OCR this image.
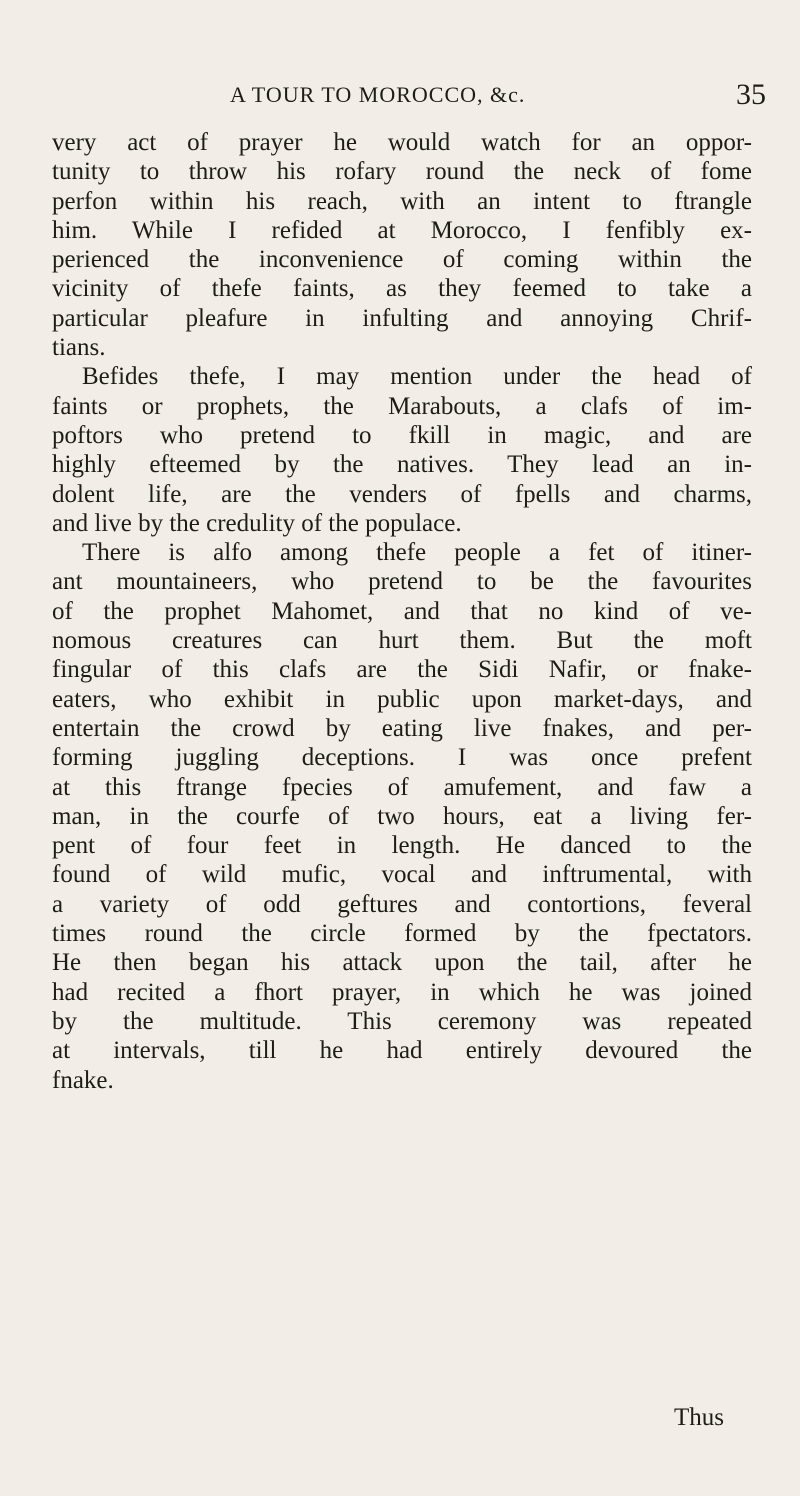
A TOUR TO MOROCCO, &c.	35
very act of prayer he would watch for an oppor-
tunity to throw his rofary round the neck of fome
perfon within his reach, with an intent to ftrangle
him. While I refided at Morocco, I fenfibly ex-
perienced the inconvenience of coming within the
vicinity of thefe faints, as they feemed to take a
particular pleafure in infulting and annoying Chrif-
tians.
Befides thefe, I may mention under the head of
faints or prophets, the Marabouts, a clafs of im-
poftors who pretend to fkill in magic, and are
highly efteemed by the natives. They lead an in-
dolent life, are the venders of fpells and charms,
and live by the credulity of the populace.
There is alfo among thefe people a fet of itiner-
ant mountaineers, who pretend to be the favourites
of the prophet Mahomet, and that no kind of ve-
nomous creatures can hurt them. But the moft
fingular of this clafs are the Sidi Nafir, or fnake-
eaters, who exhibit in public upon market-days, and
entertain the crowd by eating live fnakes, and per-
forming juggling deceptions. I was once prefent
at this ftrange fpecies of amufement, and faw a
man, in the courfe of two hours, eat a living fer-
pent of four feet in length. He danced to the
found of wild mufic, vocal and inftrumental, with
a variety of odd geftures and contortions, feveral
times round the circle formed by the fpectators.
He then began his attack upon the tail, after he
had recited a fhort prayer, in which he was joined
by the multitude. This ceremony was repeated
at intervals, till he had entirely devoured the
fnake.
Thus
